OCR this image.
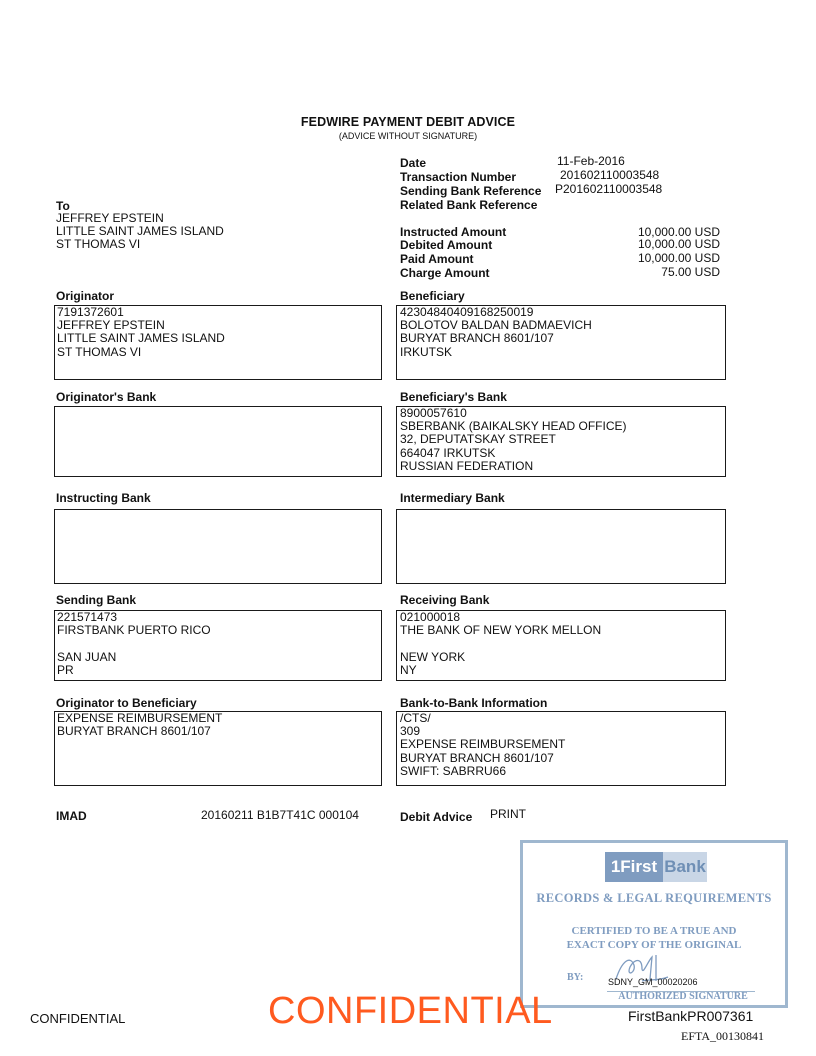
FEDWIRE PAYMENT DEBIT ADVICE
(ADVICE WITHOUT SIGNATURE)
Date	11-Feb-2016
Transaction Number	201602110003548
Sending Bank Reference P201602110003548
Related Bank Reference
To
JEFFREY EPSTEIN
LITTLE SAINT JAMES ISLAND
ST THOMAS VI
Instructed Amount	10,000.00 USD
Debited Amount	10,000.00 USD
Paid Amount	10,000.00 USD
Charge Amount	75.00 USD
Originator
7191372601
JEFFREY EPSTEIN
LITTLE SAINT JAMES ISLAND
ST THOMAS VI
Beneficiary
42304840409168250019
BOLOTOV BALDAN BADMAEVICH
BURYAT BRANCH 8601/107
IRKUTSK
Originator's Bank	Beneficiary's Bank
8900057610
SBERBANK (BAIKALSKY HEAD OFFICE)
32, DEPUTATSKAY STREET
664047 IRKUTSK
RUSSIAN FEDERATION
Instructing Bank	Intermediary Bank
Sending Bank
221571473
FIRSTBANK PUERTO RICO

SAN JUAN
PR
Receiving Bank
021000018
THE BANK OF NEW YORK MELLON

NEW YORK
NY
Originator to Beneficiary
EXPENSE REIMBURSEMENT
BURYAT BRANCH 8601/107
Bank-to-Bank Information
/CTS/
309
EXPENSE REIMBURSEMENT
BURYAT BRANCH 8601/107
SWIFT: SABRRU66
IMAD	20160211 B1B7T41C 000104	Debit Advice PRINT
1First Bank
RECORDS & LEGAL REQUIREMENTS
CERTIFIED TO BE A TRUE AND
EXACT COPY OF THE ORIGINAL
BY:	SDNY_GM_00020206
AUTHORIZED SIGNATURE
CONFIDENTIAL
CONFIDENTIAL	FirstBankPR007361
EFTA_00130841
